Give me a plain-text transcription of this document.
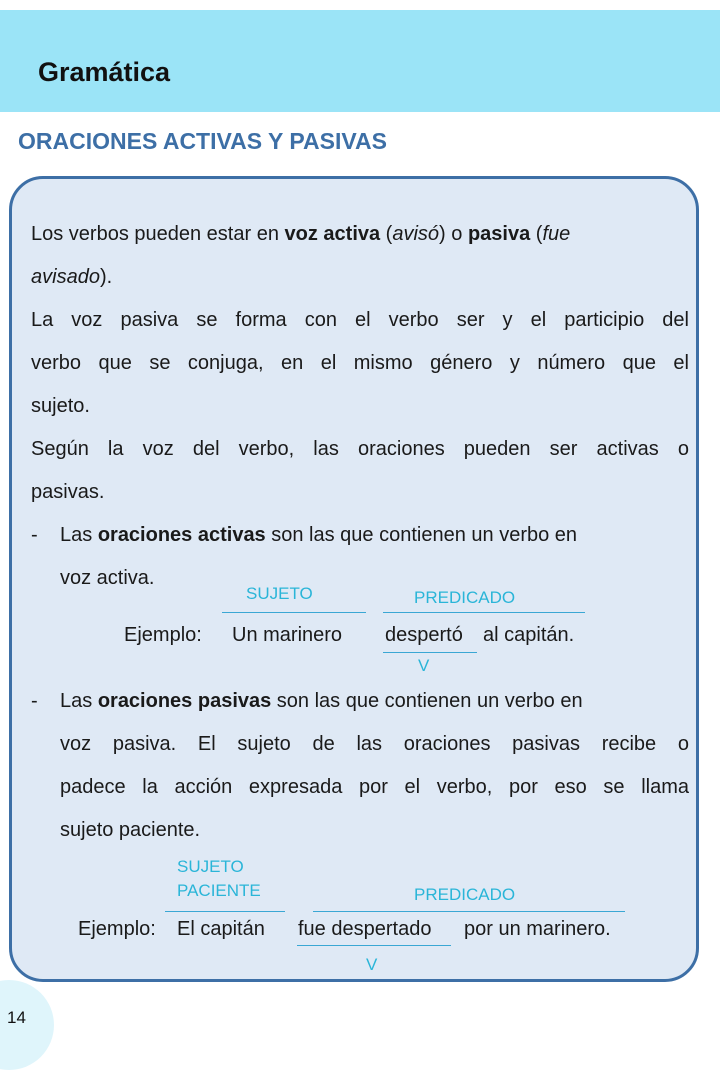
Gramática
ORACIONES ACTIVAS Y PASIVAS
Los verbos pueden estar en voz activa (avisó) o pasiva (fue
avisado).
La voz pasiva se forma con el verbo ser y el participio del
verbo que se conjuga, en el mismo género y número que el
sujeto.
Según la voz del verbo, las oraciones pueden ser activas o
pasivas.
- Las oraciones activas son las que contienen un verbo en
voz activa.
SUJETO	PREDICADO
Ejemplo: Un marinero despertó al capitán.
V
- Las oraciones pasivas son las que contienen un verbo en
voz pasiva. El sujeto de las oraciones pasivas recibe o
padece la acción expresada por el verbo, por eso se llama
sujeto paciente.
SUJETO
PACIENTE	PREDICADO
Ejemplo: El capitán fue despertado por un marinero.
V
14
